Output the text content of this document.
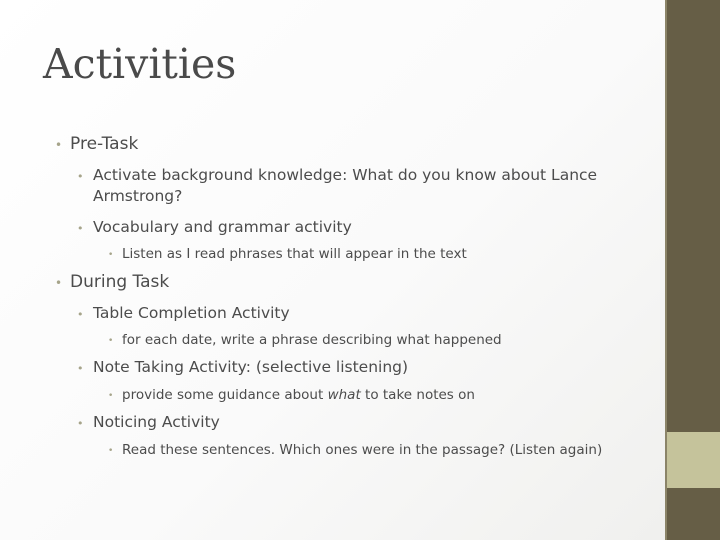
Activities
• Pre-Task
• Activate background knowledge: What do you know about Lance Armstrong?
• Vocabulary and grammar activity
• Listen as I read phrases that will appear in the text
• During Task
• Table Completion Activity
• for each date, write a phrase describing what happened
• Note Taking Activity: (selective listening)
• provide some guidance about what to take notes on
• Noticing Activity
• Read these sentences. Which ones were in the passage? (Listen again)
